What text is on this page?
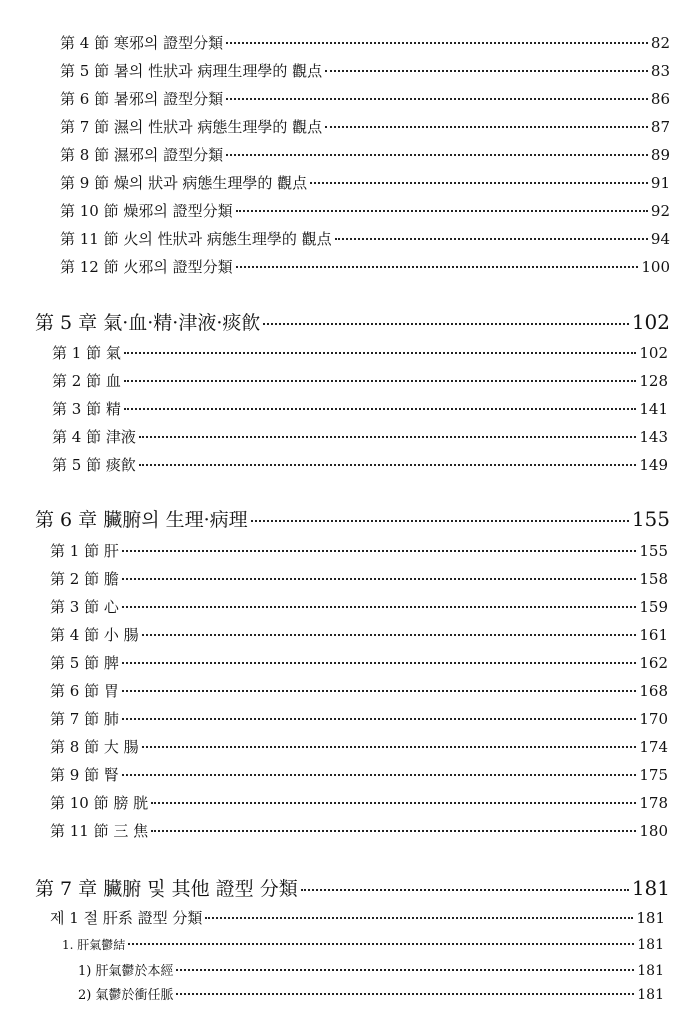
第 4 節 寒邪의 證型分類	82
第 5 節 暑의 性狀과 病理生理學的 觀点	83
第 6 節 暑邪의 證型分類	86
第 7 節 濕의 性狀과 病態生理學的 觀点	87
第 8 節 濕邪의 證型分類	89
第 9 節 燥의 狀과 病態生理學的 觀点	91
第 10 節 燥邪의 證型分類	92
第 11 節 火의 性狀과 病態生理學的 觀点	94
第 12 節 火邪의 證型分類	100
第 5 章 氣·血·精·津液·痰飮	102
第 1 節 氣	102
第 2 節 血	128
第 3 節 精	141
第 4 節 津液	143
第 5 節 痰飮	149
第 6 章 臟腑의 生理·病理	155
第 1 節 肝	155
第 2 節 膽	158
第 3 節 心	159
第 4 節 小 腸	161
第 5 節 脾	162
第 6 節 胃	168
第 7 節 肺	170
第 8 節 大 腸	174
第 9 節 腎	175
第 10 節 膀 胱	178
第 11 節 三 焦	180
第 7 章 臟腑 및 其他 證型 分類	181
제 1 절 肝系 證型 分類	181
1. 肝氣鬱結	181
1) 肝氣鬱於本經	181
2) 氣鬱於衝任脈	181
